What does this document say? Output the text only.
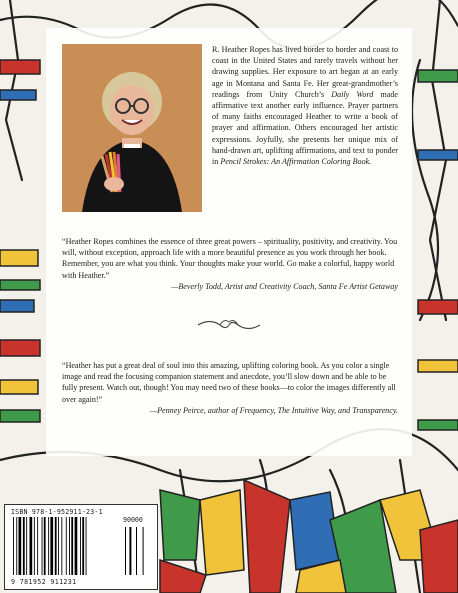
R. Heather Ropes has lived border to border and coast to coast in the United States and rarely travels without her drawing supplies. Her exposure to art began at an early age in Montana and Santa Fe. Her great-grandmother’s readings from Unity Church’s Daily Word made affirmative text another early influence. Prayer partners of many faiths encouraged Heather to write a book of prayer and affirmation. Others encouraged her artistic expressions. Joyfully, she presents her unique mix of hand-drawn art, uplifting affirmations, and text to ponder in Pencil Strokes: An Affirmation Coloring Book.

“Heather Ropes combines the essence of three great powers – spirituality, positivity, and creativity. You will, without exception, approach life with a more beautiful presence as you work through her book. Remember, you are what you think. Your thoughts make your world. Go make a colorful, happy world with Heather.”
—Beverly Todd, Artist and Creativity Coach, Santa Fe Artist Getaway

“Heather has put a great deal of soul into this amazing, uplifting coloring book. As you color a single image and read the focusing companion statement and anecdote, you’ll slow down and be able to be fully present. Watch out, though! You may need two of these books—to color the images differently all over again!”
—Penney Peirce, author of Frequency, The Intuitive Way, and Transparency.

ISBN 978-1-952911-23-1
90000
9 781952 911231
